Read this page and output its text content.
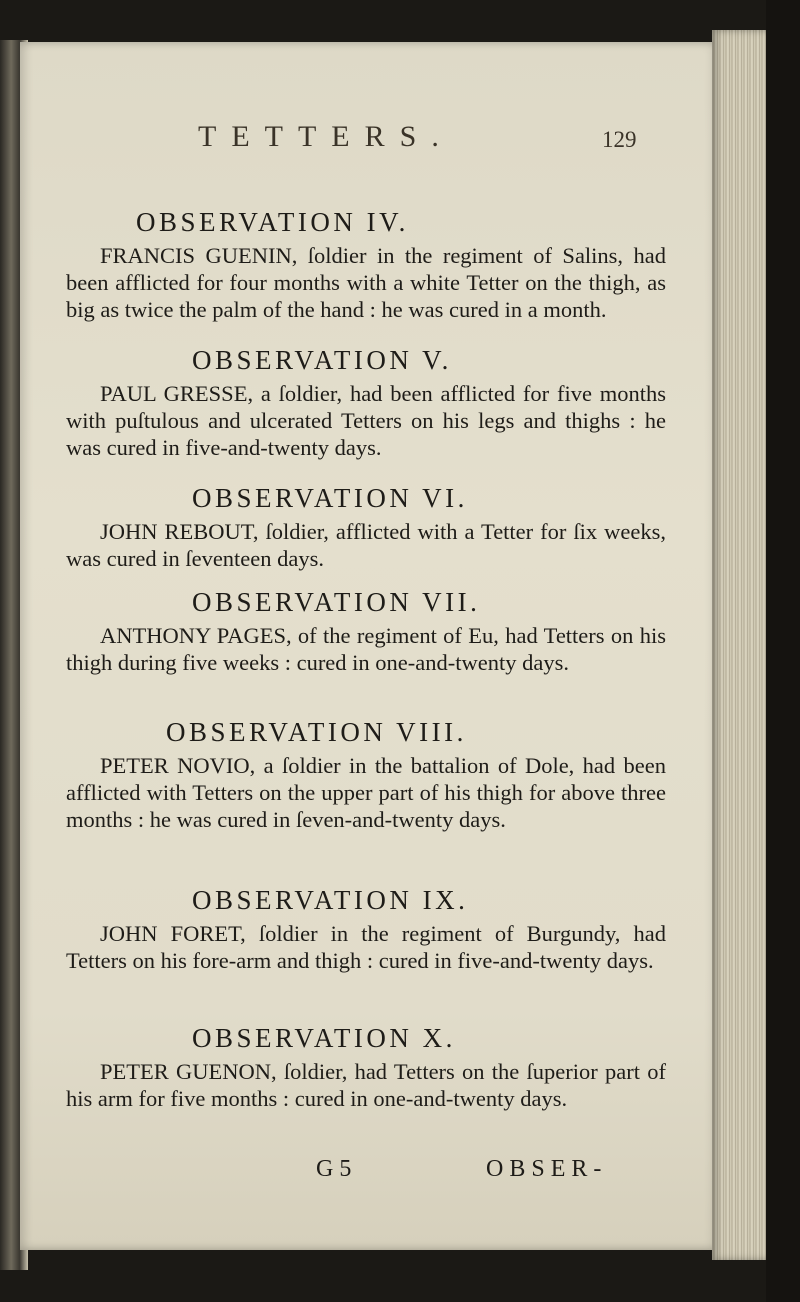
TETTERS.	129

OBSERVATION IV.

FRANCIS GUENIN, ſoldier in the regiment of Salins, had been afflicted for four months with a white Tetter on the thigh, as big as twice the palm of the hand : he was cured in a month.

OBSERVATION V.

PAUL GRESSE, a ſoldier, had been afflicted for five months with puſtulous and ulcerated Tetters on his legs and thighs : he was cured in five-and-twenty days.

OBSERVATION VI.

JOHN REBOUT, ſoldier, afflicted with a Tetter for ſix weeks, was cured in ſeventeen days.

OBSERVATION VII.

ANTHONY PAGES, of the regiment of Eu, had Tetters on his thigh during five weeks : cured in one-and-twenty days.

OBSERVATION VIII.

PETER NOVIO, a ſoldier in the battalion of Dole, had been afflicted with Tetters on the upper part of his thigh for above three months : he was cured in ſeven-and-twenty days.

OBSERVATION IX.

JOHN FORET, ſoldier in the regiment of Burgundy, had Tetters on his fore-arm and thigh : cured in five-and-twenty days.

OBSERVATION X.

PETER GUENON, ſoldier, had Tetters on the ſuperior part of his arm for five months : cured in one-and-twenty days.

G 5	OBSER-
